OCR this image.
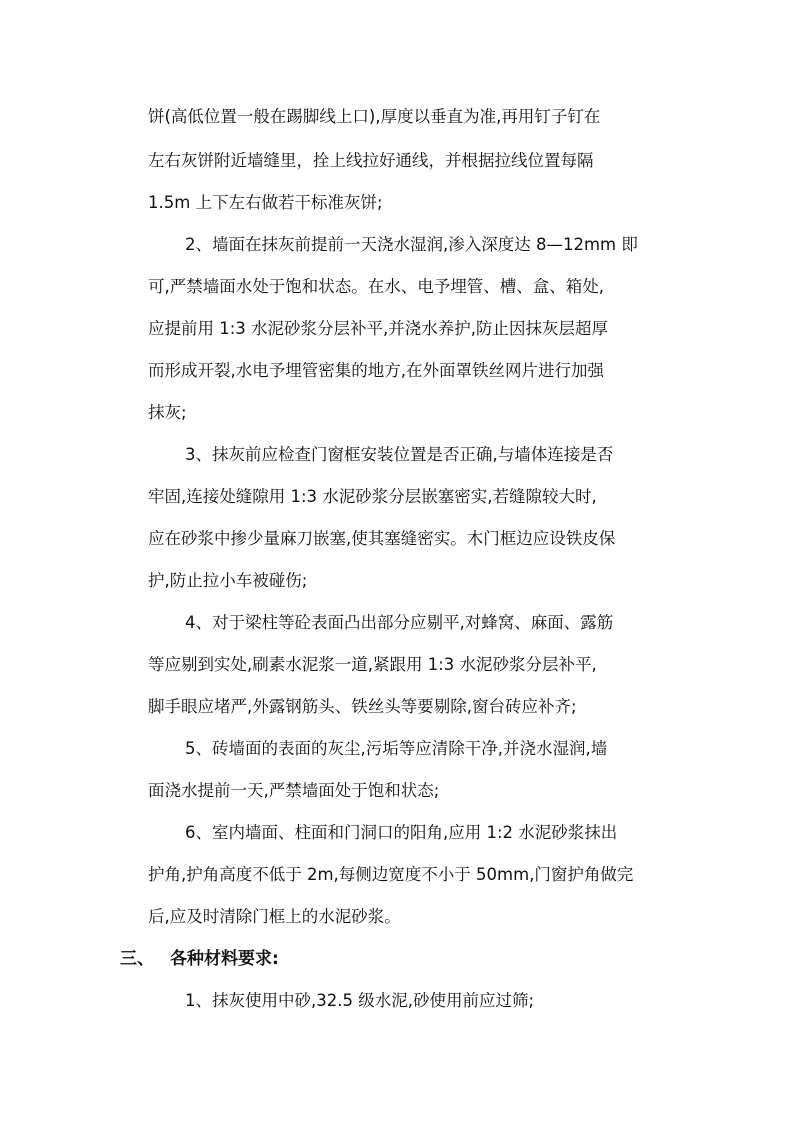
饼(高低位置一般在踢脚线上口),厚度以垂直为准,再用钉子钉在
左右灰饼附近墙缝里，拴上线拉好通线，并根据拉线位置每隔
1.5m 上下左右做若干标准灰饼;
2、墙面在抹灰前提前一天浇水湿润,渗入深度达 8—12mm 即
可,严禁墙面水处于饱和状态。在水、电予埋管、槽、盒、箱处,
应提前用 1:3 水泥砂浆分层补平,并浇水养护,防止因抹灰层超厚
而形成开裂,水电予埋管密集的地方,在外面罩铁丝网片进行加强
抹灰;
3、抹灰前应检查门窗框安装位置是否正确,与墙体连接是否
牢固,连接处缝隙用 1:3 水泥砂浆分层嵌塞密实,若缝隙较大时,
应在砂浆中掺少量麻刀嵌塞,使其塞缝密实。木门框边应设铁皮保
护,防止拉小车被碰伤;
4、对于梁柱等砼表面凸出部分应剔平,对蜂窝、麻面、露筋
等应剔到实处,刷素水泥浆一道,紧跟用 1:3 水泥砂浆分层补平,
脚手眼应堵严,外露钢筋头、铁丝头等要剔除,窗台砖应补齐;
5、砖墙面的表面的灰尘,污垢等应清除干净,并浇水湿润,墙
面浇水提前一天,严禁墙面处于饱和状态;
6、室内墙面、柱面和门洞口的阳角,应用 1:2 水泥砂浆抹出
护角,护角高度不低于 2m,每侧边宽度不小于 50mm,门窗护角做完
后,应及时清除门框上的水泥砂浆。
三、 各种材料要求:
1、抹灰使用中砂,32.5 级水泥,砂使用前应过筛;
